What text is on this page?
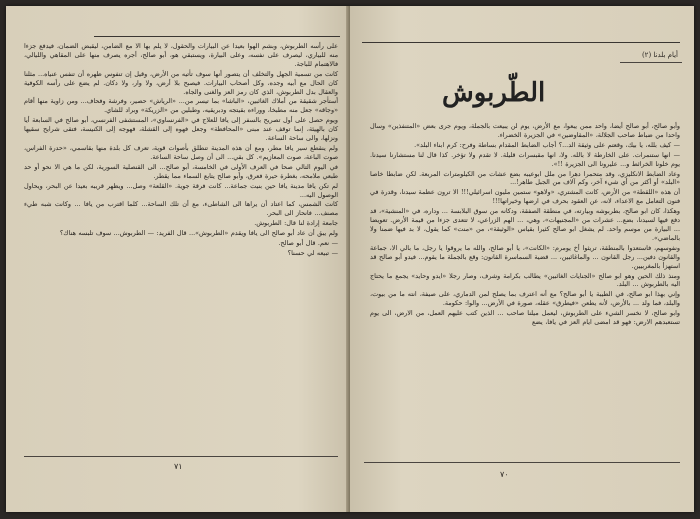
على رأسه الطربوش، وبشم الهوا بعيدا عن البيارات والحقول، لا يلم بها الا مع الضامن، ليقبض الضمان، فيدفع جزءا منه للبياري، ليصرف على نفسه، وعلى البيارة، ويستبقي هو، أبو صالح، أجره يصرف منها على المقاهي والليالي، فالاهتمام للباجة.

كانت من تسمية الجهل والتخلف أن يتصور أنها سوف تأتيه من الأرض، وقيل إن تنفوس ظهره أن تنفس عنياه... مثلنا كان الحال مع أبيه وجده، وكل أصحاب البيارات. فيصبح بلا أرض، ولا وار، ولا دكان. لم يضع على رأسه الكوفية والعقال بدل الطربوش، الذي كان رمز العز والغنى والجاه.

أستأجر شقيقة من أملاك الغائبين، «الباشا» بما تيسر من... «الرياش» حصير، وفرشة وفحاف... ومن زاوية منها أقام «وجاقه» جعل منه مطبخا، ووراءه بقيتجه ودبريقيه، وطبلين من «الزريكة» وبراد للشاي.

ويوم حصل على أول تصريح بالسفر إلى يافا للعلاج في «الفرنساوي»، المستشفى الفرنسي، أبو صالح في السابعة أيا كان بالهيئة، إنما توقف عند مبنى «المحافظة» وجعل فهوه إلى القشلة، فهوجه إلى الكنيسة، فتقى شرايح سقيها ونزلها، والى ساحة الساعة.

ولم ينقطع سير يافا مطر، ومع أن هذه المدينة تنطلق بأصوات قوية، تعرف كل بلدة منها بقاسمي، «حدرة الفراس، صوت الباعة، صوت المعازيم». كل بقي... الى أن وصل ساحة الساعة.

في اليوم التالي صحا في العرف الأولى في الخامسة، أبو صالح... الى القنصلية السورية، لكن ما هي الا نحو أو حد طبعي ملامحه، بغطرة حيرة فعرق، وأبو صالح يتابع السماء مما يقطر.

لم تكن يافا مدينة يافا حين بنيت جماعة... كانت فرقة جوية. «القلعة» وصل... ويظهر قريبه بعيدا عن البحر، ويحاول الوصول اليه...

كانت الشمس، كما اعتاد أن يراها الى الشاطىء، مع أن تلك الساحة... كلما اقترب من يافا ... وكانت شبه طيء مصنف... فانحاز الى البحر.

جامعة إرادة لنا قال: الطربوش.

ولم يبق أن عاد أبو صالح الى يافا ويقدم «الطربوش»... قال الفريد: — الطربوش... سوف تلبسه هناك؟

— نعم. قال أبو صالح.

— تبيعه لي حسنا؟

٧١
أيام بلدنا (٢)
الطّربوش

وأبو صالح، أبو صالح أيضا، واحد ممن يبعوا، مع الأرض، يوم لن يبيعت بالجملة، ويوم جرى بعض «المتنفذين» وسال واحدا من ضباط صاحب الجلالة، «المقاوضين» في الجزيرة الخضراء.

— كيف بلله، يا بيك، وقعتم على وثيقة الد...؟ أجاب الضابط المقدام بساطة وفرح: كرم ابناء البلد».

— انها ستنمرات. على الخارطة لا بالله. ولا، انها مقبسرات قليلة. لا تقدم ولا تؤخر. كذا قال لنا مستشارنا سيدنا. يوم خلونا الخرائط و... عليرونا الى الجزيرة !!».

وعاد الضابط الانكليزي، وقد متحمرا دهرا من ملل ابوعيبه بضع عشات من الكيلومترات المربعة. لكن ضابطا خاصا «البلد» أو أكثر من أي شيء آخر، وكم آلاف من الجبل طاهر!...

أن هذه «اللقطة» من الأرض، كانت المشتري، «ولاهو» ستمين مليون اسرائيلي!!! الا ترون عظمة سيدنا، وقدرة في فنون التعامل مع الاعداء، لانه، عن العقود بحرف في ارضها وخيراتها!!!

وهكذا، كان ابو صالح، بطربوشه وبيارته، في منطقة الصفقة، ودكانه من سوق البلابسة ... وداره، في «المنشية»، قد دفع فيها لسيدنا، بضع... عشرات من «المجنيهات»، وهي، ... الهم الزراعي، لا تتعدى جزءا من قيمة الأرض. تعويضا ... البيارة من موسم واحد. لم يشغل ابو صالح كثيرا بقياس «الوثيقة»، من «منت» كما يقول، لا بد فيها ضمنا ولا بالماضي».

ونفوسهم، فاستعدوا بالمنطقة، تريثوا أخ يومرم: «الكانت»، يا أبو صالح، والله ما يروقوا يا رجل، ما بالي الا، جماعة والقانون دفين... رجل القانون ... والماغائبين، ... قضية السماسرة القانون: وقع بالجملة ما يقوم... فيدو أبو صالح قد استهزأ بالمغربيين.

ومنذ ذلك الحين وهو ابو صالح «الجنايات الغائبين» يطالب بكرامة وشرف، وصار رجلا «ايدو وحايد» يجمع ما يحتاج اليه بالطربوش ... البلد.

وإني بهذا ابو صالح، في الطيبة يا أبو صالح؟ مع أنه اعترف بما يصلح لمن الدماري، على صيفة، انته ما من بيوت، والبلد، فما ولد ... بالأرض، لأنه يطعن «فيطرق» عقله، صورة في الأرض... والوا: حكومة.

وابو صالح، لا نخسر الشيء على الطربوش، ليعمل ميلنا صاحب ... الذين كتب عليهم العمل، من الارض، الى يوم تستعبدهم الارض: فهو قد امضى ايام العز في يافا، يضع

٧٠
